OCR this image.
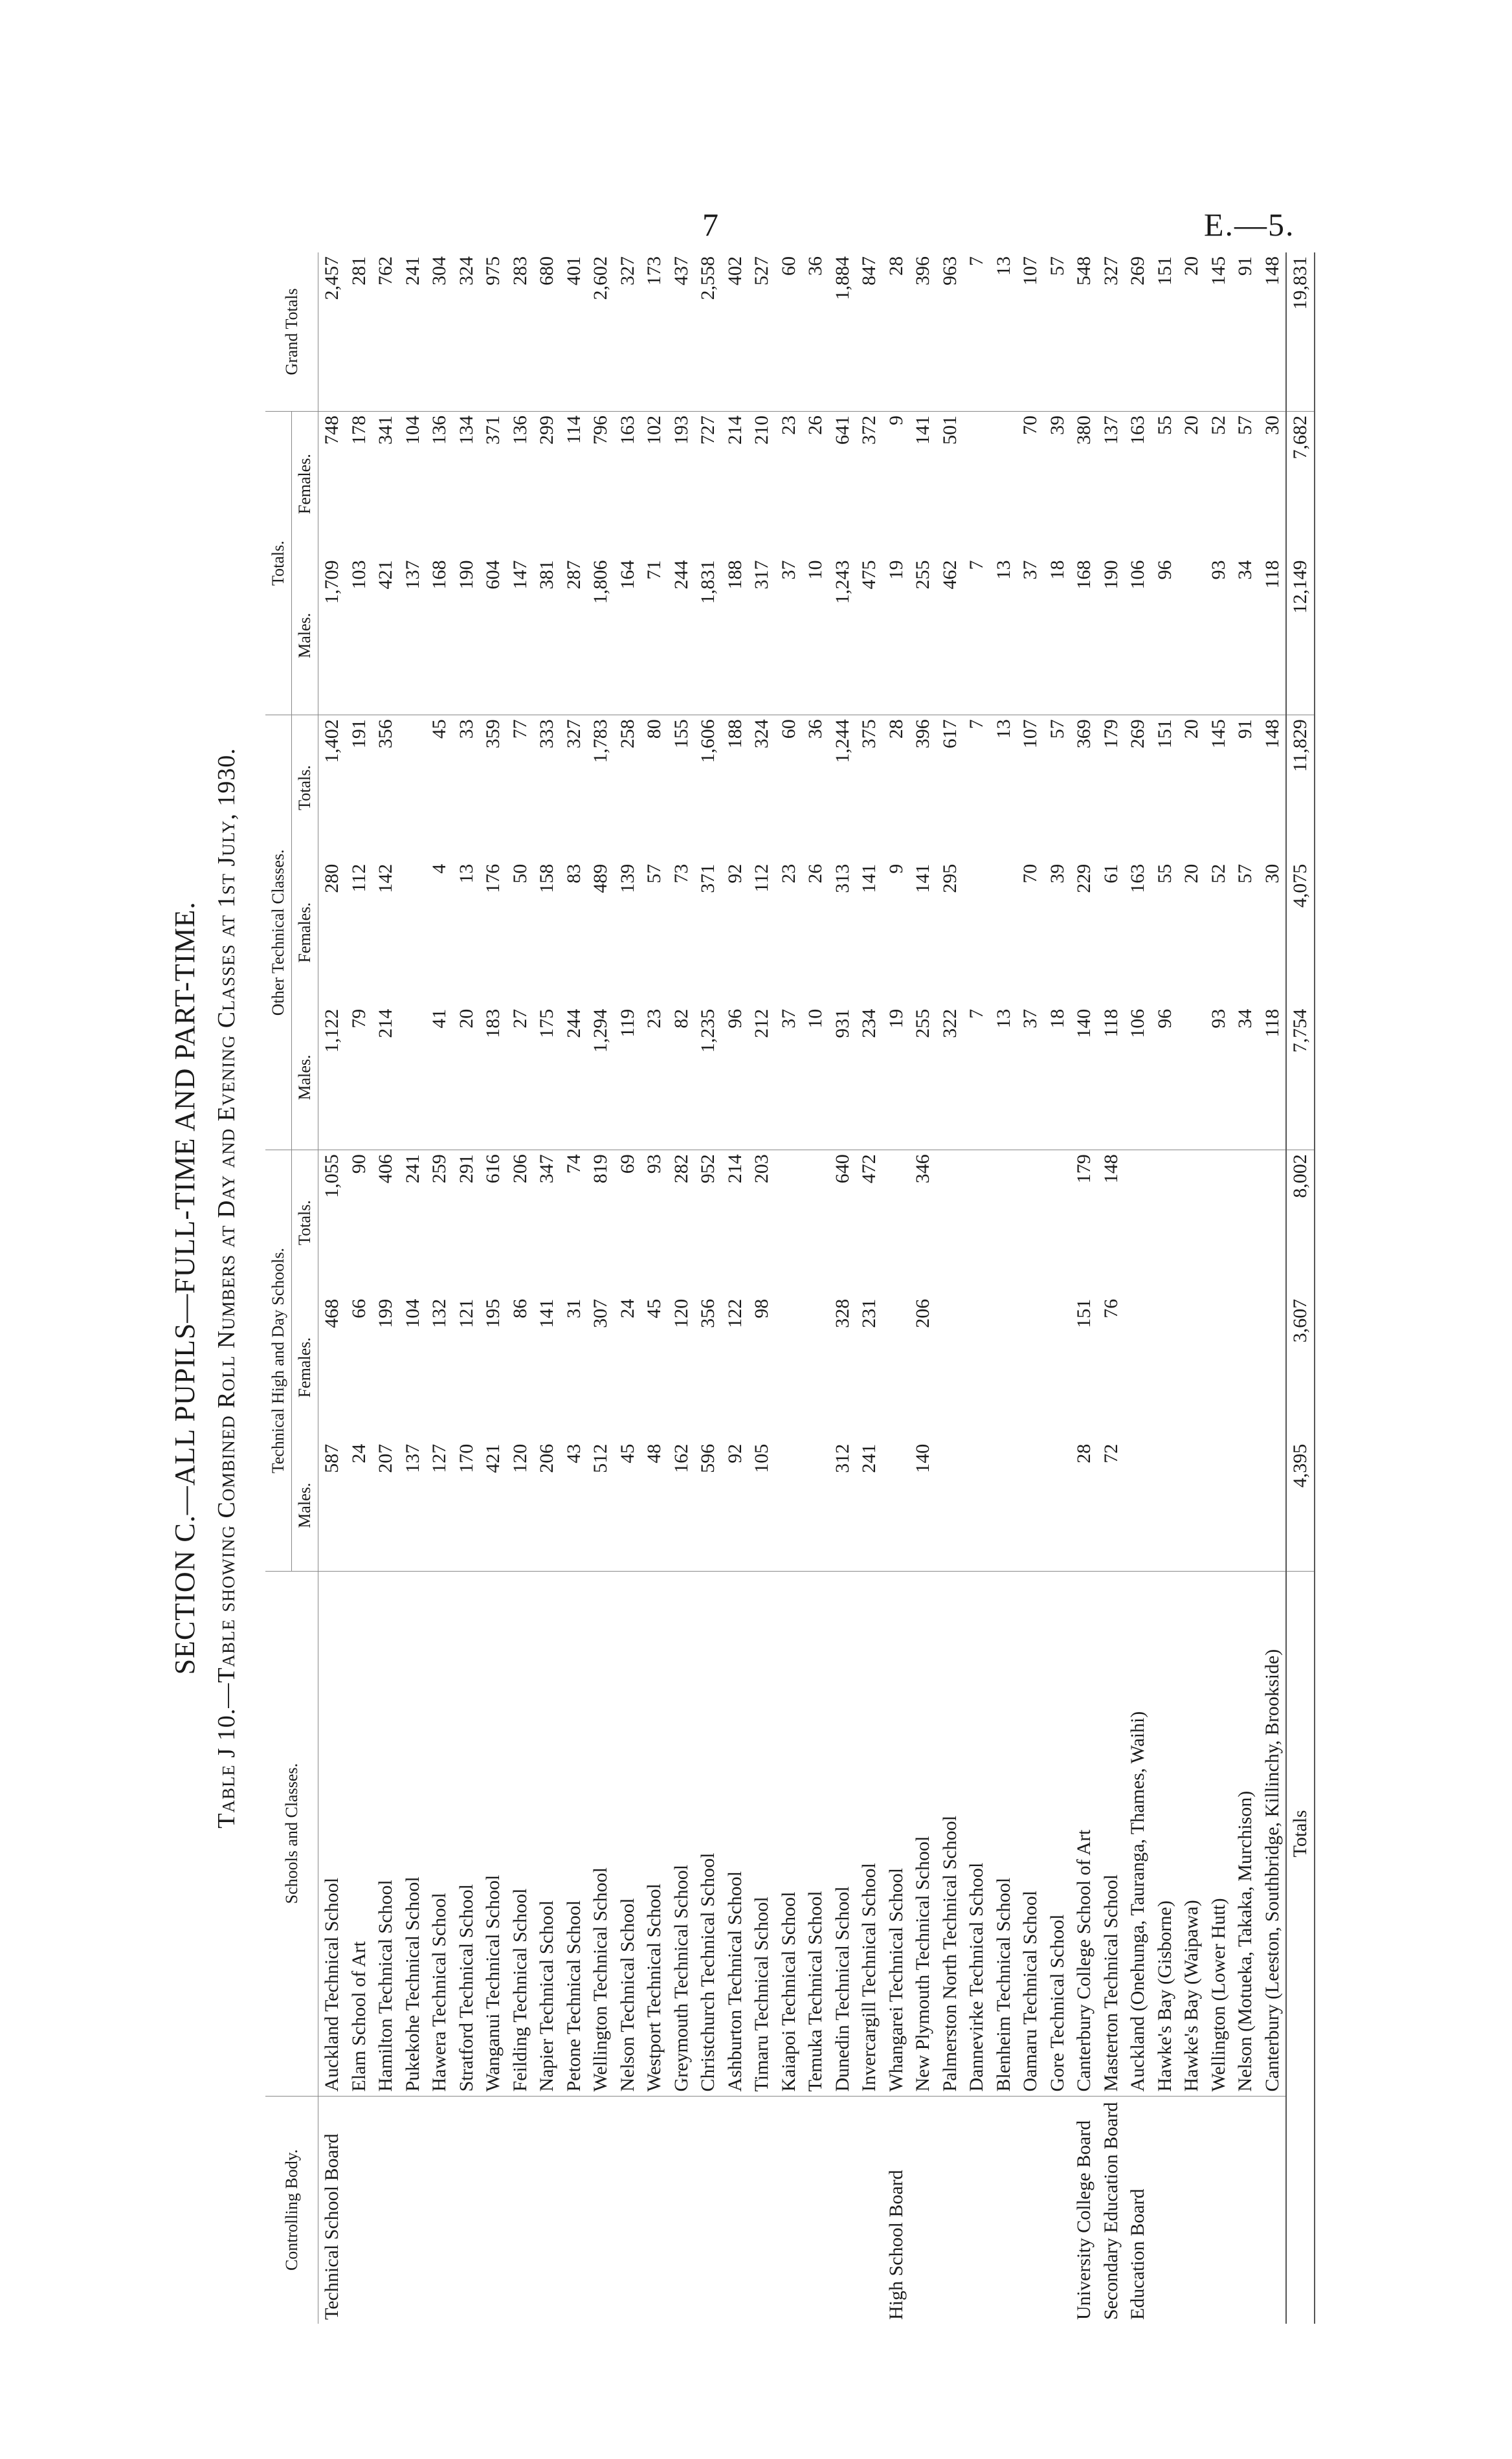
7	E.—5.
SECTION C.—ALL PUPILS—FULL-TIME AND PART-TIME. Table J 10.—Table showing Combined Roll Numbers at Day and Evening Classes at 1st July, 1930.
Controlling Body.	Schools and Classes.	Technical High and Day Schools.			Other Technical Classes.			Totals.		Grand Totals
		Males.	Females.	Totals.	Males.	Females.	Totals.	Males.	Females.	
Technical School Board	Auckland Technical School	587	468	1,055	1,122	280	1,402	1,709	748	2,457
	Elam School of Art	24	66	90	79	112	191	103	178	281
	Hamilton Technical School	207	199	406	214	142	356	421	341	762
	Pukekohe Technical School	137	104	241				137	104	241
	Hawera Technical School	127	132	259	41	4	45	168	136	304
	Stratford Technical School	170	121	291	20	13	33	190	134	324
	Wanganui Technical School	421	195	616	183	176	359	604	371	975
	Feilding Technical School	120	86	206	27	50	77	147	136	283
	Napier Technical School	206	141	347	175	158	333	381	299	680
	Petone Technical School	43	31	74	244	83	327	287	114	401
	Wellington Technical School	512	307	819	1,294	489	1,783	1,806	796	2,602
	Nelson Technical School	45	24	69	119	139	258	164	163	327
	Westport Technical School	48	45	93	23	57	80	71	102	173
	Greymouth Technical School	162	120	282	82	73	155	244	193	437
	Christchurch Technical School	596	356	952	1,235	371	1,606	1,831	727	2,558
	Ashburton Technical School	92	122	214	96	92	188	188	214	402
	Timaru Technical School	105	98	203	212	112	324	317	210	527
	Kaiapoi Technical School				37	23	60	37	23	60
	Temuka Technical School				10	26	36	10	26	36
	Dunedin Technical School	312	328	640	931	313	1,244	1,243	641	1,884
	Invercargill Technical School	241	231	472	234	141	375	475	372	847
High School Board	Whangarei Technical School				19	9	28	19	9	28
	New Plymouth Technical School	140	206	346	255	141	396	255	141	396
	Palmerston North Technical School				322	295	617	462	501	963
	Dannevirke Technical School				7		7	7		7
	Blenheim Technical School				13		13	13		13
	Oamaru Technical School				37	70	107	37	70	107
	Gore Technical School				18	39	57	18	39	57
University College Board	Canterbury College School of Art	28	151	179	140	229	369	168	380	548
Secondary Education Board	Masterton Technical School	72	76	148	118	61	179	190	137	327
Education Board	Auckland (Onehunga, Tauranga, Thames, Waihi)				106	163	269	106	163	269
	Hawke's Bay (Gisborne)				96	55	151	96	55	151
	Hawke's Bay (Waipawa)					20	20		20	20
	Wellington (Lower Hutt)				93	52	145	93	52	145
	Nelson (Motueka, Takaka, Murchison)				34	57	91	34	57	91
	Canterbury (Leeston, Southbridge, Killinchy, Brookside)				118	30	148	118	30	148
	Totals	4,395	3,607	8,002	7,754	4,075	11,829	12,149	7,682	19,831
